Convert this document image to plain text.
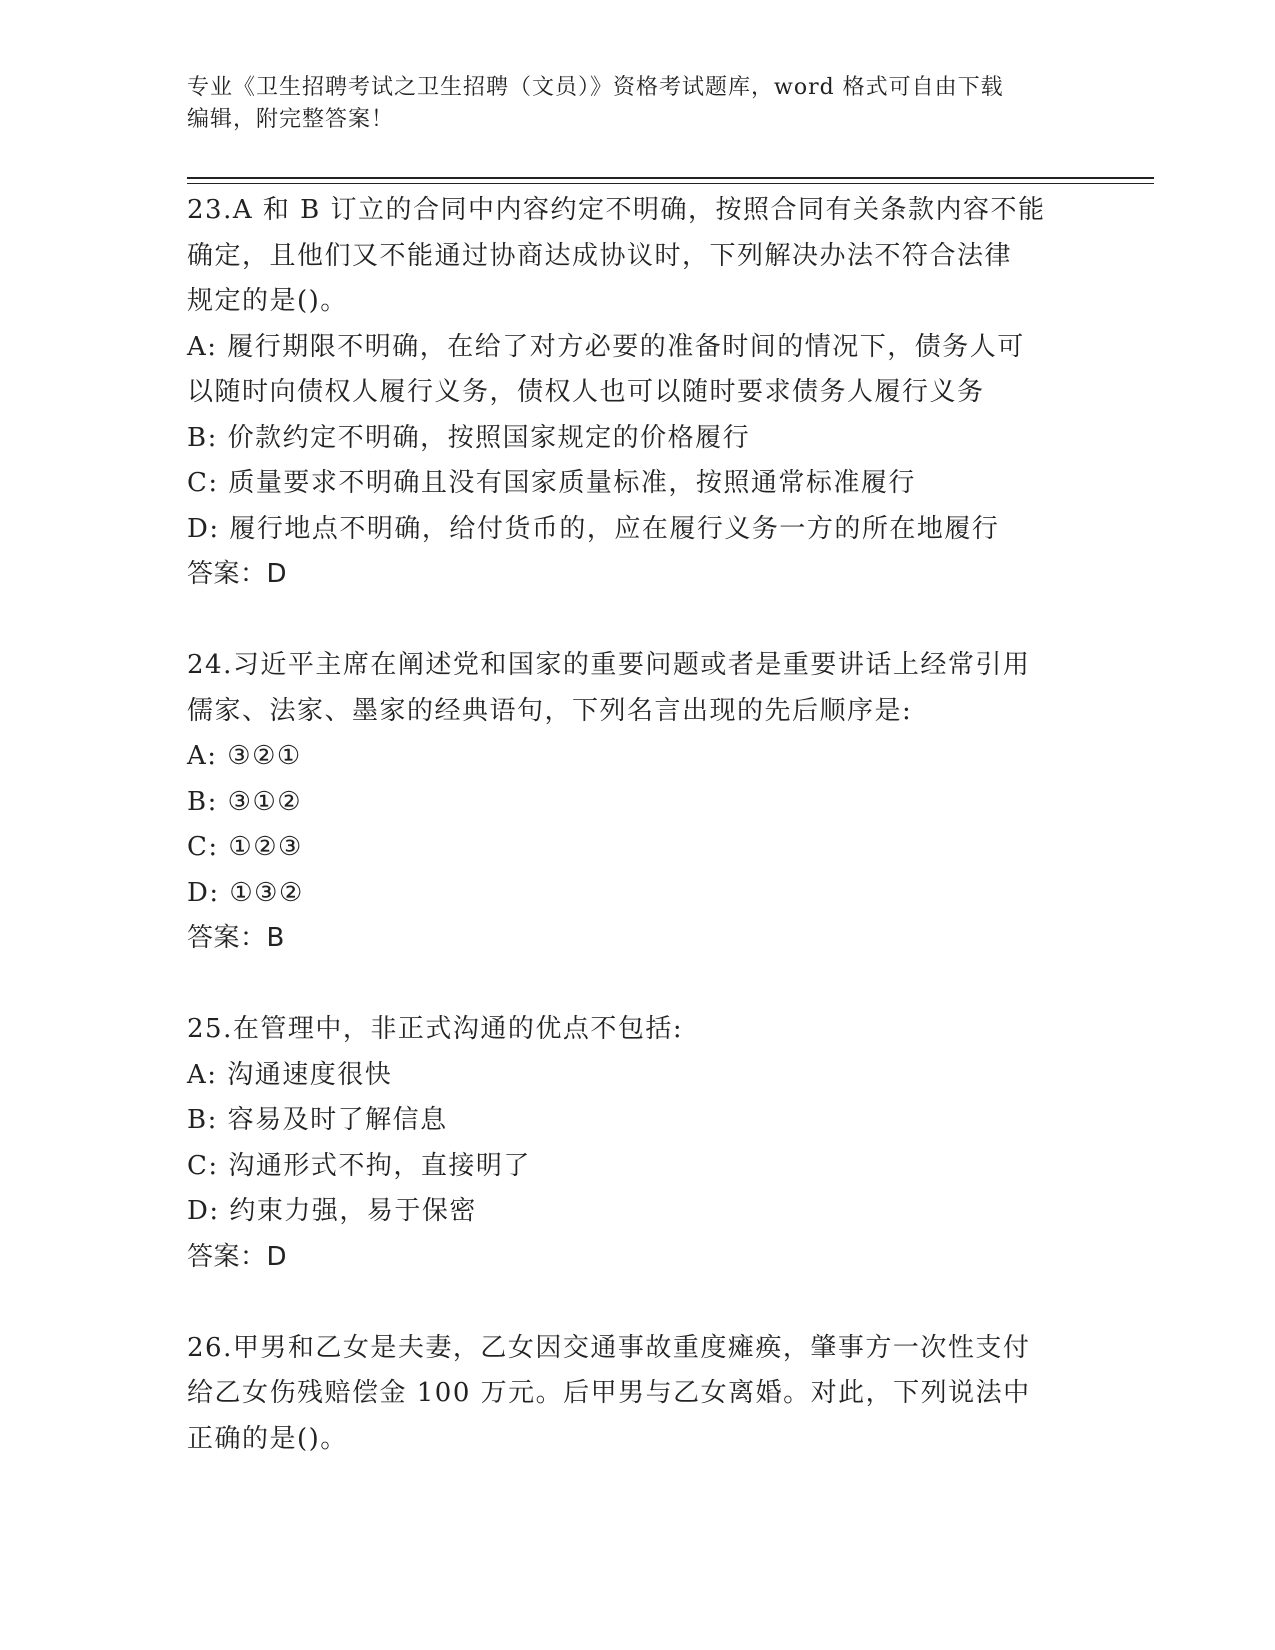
专业《卫生招聘考试之卫生招聘（文员）》资格考试题库，word 格式可自由下载
编辑，附完整答案！
23.A 和 B 订立的合同中内容约定不明确，按照合同有关条款内容不能
确定，且他们又不能通过协商达成协议时，下列解决办法不符合法律
规定的是()。
A: 履行期限不明确，在给了对方必要的准备时间的情况下，债务人可
以随时向债权人履行义务，债权人也可以随时要求债务人履行义务
B: 价款约定不明确，按照国家规定的价格履行
C: 质量要求不明确且没有国家质量标准，按照通常标准履行
D: 履行地点不明确，给付货币的，应在履行义务一方的所在地履行
答案：D
24.习近平主席在阐述党和国家的重要问题或者是重要讲话上经常引用
儒家、法家、墨家的经典语句，下列名言出现的先后顺序是:
A: ③②①
B: ③①②
C: ①②③
D: ①③②
答案：B
25.在管理中，非正式沟通的优点不包括:
A: 沟通速度很快
B: 容易及时了解信息
C: 沟通形式不拘，直接明了
D: 约束力强，易于保密
答案：D
26.甲男和乙女是夫妻，乙女因交通事故重度瘫痪，肇事方一次性支付
给乙女伤残赔偿金 100 万元。后甲男与乙女离婚。对此，下列说法中
正确的是()。
